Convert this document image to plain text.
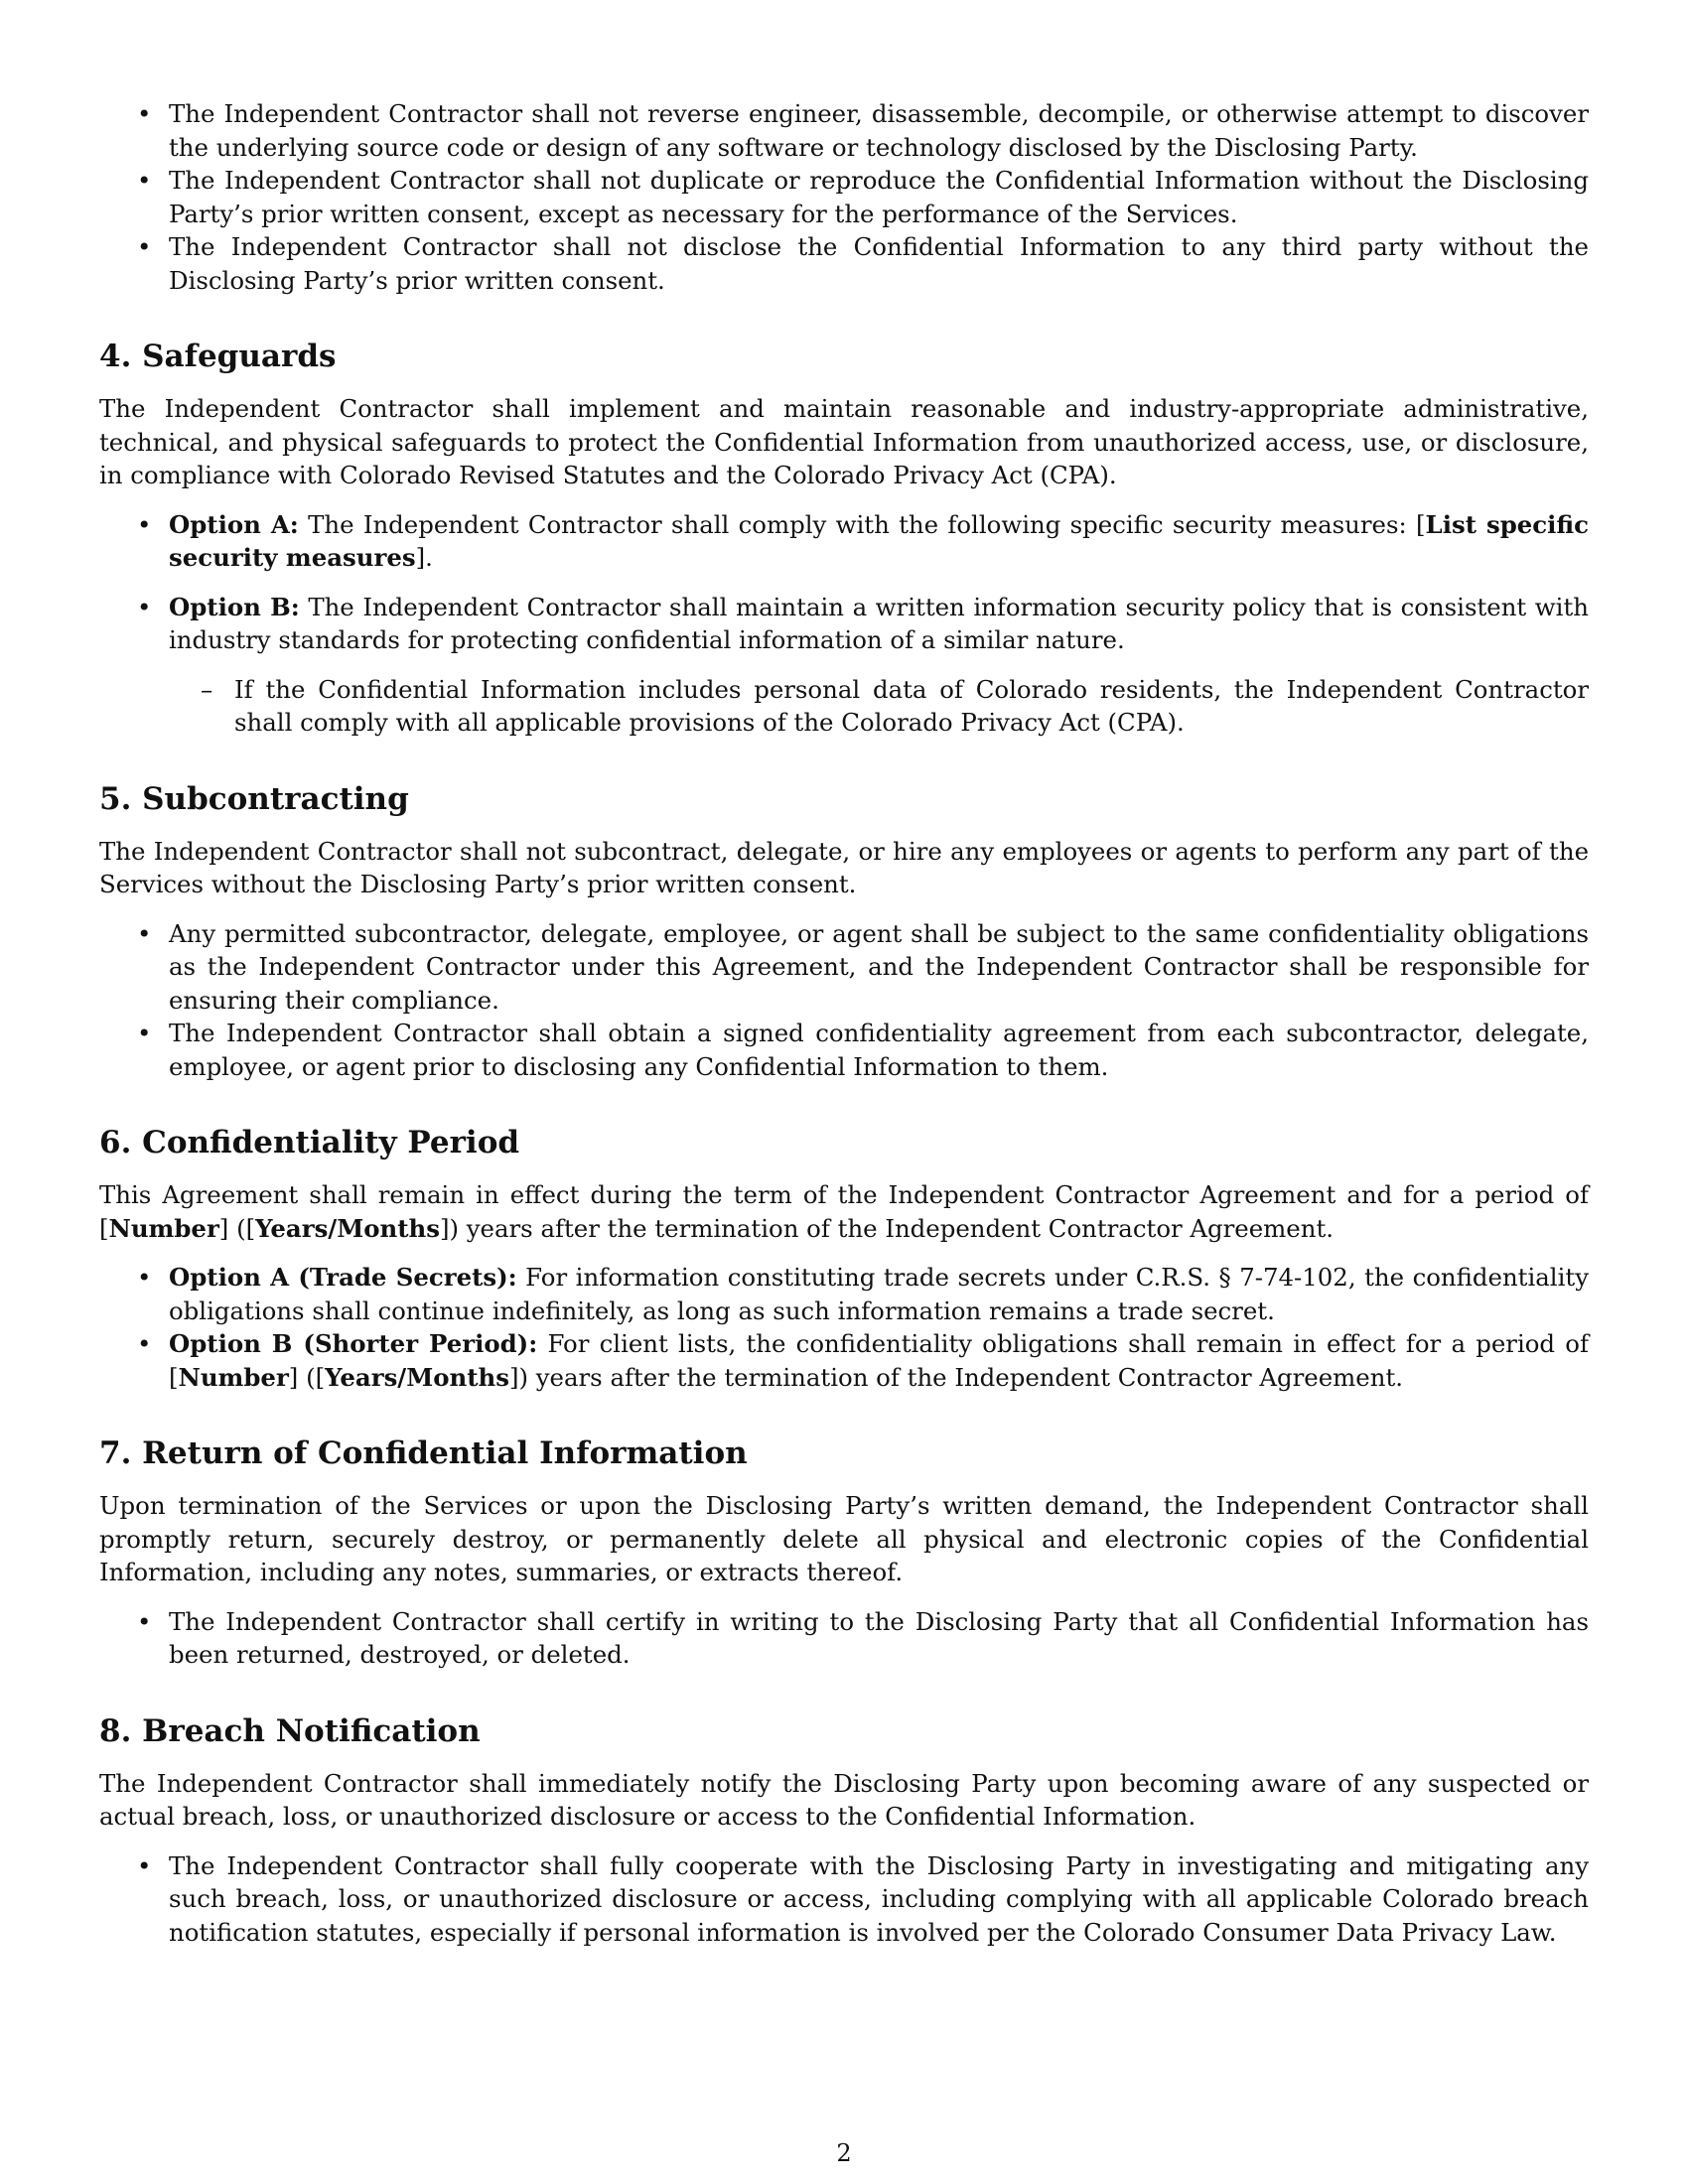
• The Independent Contractor shall not reverse engineer, disassemble, decompile, or otherwise attempt to discover the underlying source code or design of any software or technology disclosed by the Disclosing Party.
• The Independent Contractor shall not duplicate or reproduce the Confidential Information without the Disclosing Party’s prior written consent, except as necessary for the performance of the Services.
• The Independent Contractor shall not disclose the Confidential Information to any third party without the Disclosing Party’s prior written consent.
4. Safeguards

The Independent Contractor shall implement and maintain reasonable and industry-appropriate administrative, technical, and physical safeguards to protect the Confidential Information from unauthorized access, use, or disclosure, in compliance with Colorado Revised Statutes and the Colorado Privacy Act (CPA).

• Option A: The Independent Contractor shall comply with the following specific security measures: [List specific security measures].
• Option B: The Independent Contractor shall maintain a written information security policy that is consistent with industry standards for protecting confidential information of a similar nature.
– If the Confidential Information includes personal data of Colorado residents, the Independent Contractor shall comply with all applicable provisions of the Colorado Privacy Act (CPA).
5. Subcontracting

The Independent Contractor shall not subcontract, delegate, or hire any employees or agents to perform any part of the Services without the Disclosing Party’s prior written consent.

• Any permitted subcontractor, delegate, employee, or agent shall be subject to the same confidentiality obligations as the Independent Contractor under this Agreement, and the Independent Contractor shall be responsible for ensuring their compliance.
• The Independent Contractor shall obtain a signed confidentiality agreement from each subcontractor, delegate, employee, or agent prior to disclosing any Confidential Information to them.
6. Confidentiality Period

This Agreement shall remain in effect during the term of the Independent Contractor Agreement and for a period of [Number] ([Years/Months]) years after the termination of the Independent Contractor Agreement.

• Option A (Trade Secrets): For information constituting trade secrets under C.R.S. § 7-74-102, the confidentiality obligations shall continue indefinitely, as long as such information remains a trade secret.
• Option B (Shorter Period): For client lists, the confidentiality obligations shall remain in effect for a period of [Number] ([Years/Months]) years after the termination of the Independent Contractor Agreement.
7. Return of Confidential Information

Upon termination of the Services or upon the Disclosing Party’s written demand, the Independent Contractor shall promptly return, securely destroy, or permanently delete all physical and electronic copies of the Confidential Information, including any notes, summaries, or extracts thereof.

• The Independent Contractor shall certify in writing to the Disclosing Party that all Confidential Information has been returned, destroyed, or deleted.
8. Breach Notification

The Independent Contractor shall immediately notify the Disclosing Party upon becoming aware of any suspected or actual breach, loss, or unauthorized disclosure or access to the Confidential Information.

• The Independent Contractor shall fully cooperate with the Disclosing Party in investigating and mitigating any such breach, loss, or unauthorized disclosure or access, including complying with all applicable Colorado breach notification statutes, especially if personal information is involved per the Colorado Consumer Data Privacy Law.
2
